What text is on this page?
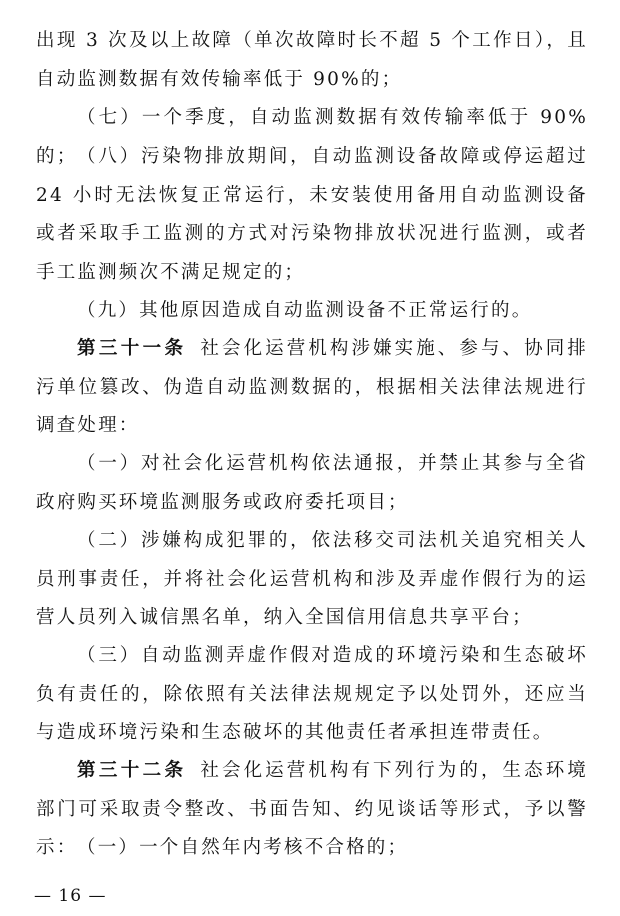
出现 3 次及以上故障（单次故障时长不超 5 个工作日），且自动监测数据有效传输率低于 90%的；

（七）一个季度，自动监测数据有效传输率低于 90%的； （八）污染物排放期间，自动监测设备故障或停运超过 24 小时无法恢复正常运行，未安装使用备用自动监测设备或者采取手工监测的方式对污染物排放状况进行监测，或者手工监测频次不满足规定的；

（九）其他原因造成自动监测设备不正常运行的。

第三十一条 社会化运营机构涉嫌实施、参与、协同排污单位篡改、伪造自动监测数据的，根据相关法律法规进行调查处理：

（一）对社会化运营机构依法通报，并禁止其参与全省政府购买环境监测服务或政府委托项目；

（二）涉嫌构成犯罪的，依法移交司法机关追究相关人员刑事责任，并将社会化运营机构和涉及弄虚作假行为的运营人员列入诚信黑名单，纳入全国信用信息共享平台；

（三）自动监测弄虚作假对造成的环境污染和生态破坏负有责任的，除依照有关法律法规规定予以处罚外，还应当与造成环境污染和生态破坏的其他责任者承担连带责任。

第三十二条 社会化运营机构有下列行为的，生态环境部门可采取责令整改、书面告知、约见谈话等形式，予以警示： （一）一个自然年内考核不合格的；

— 16 —
